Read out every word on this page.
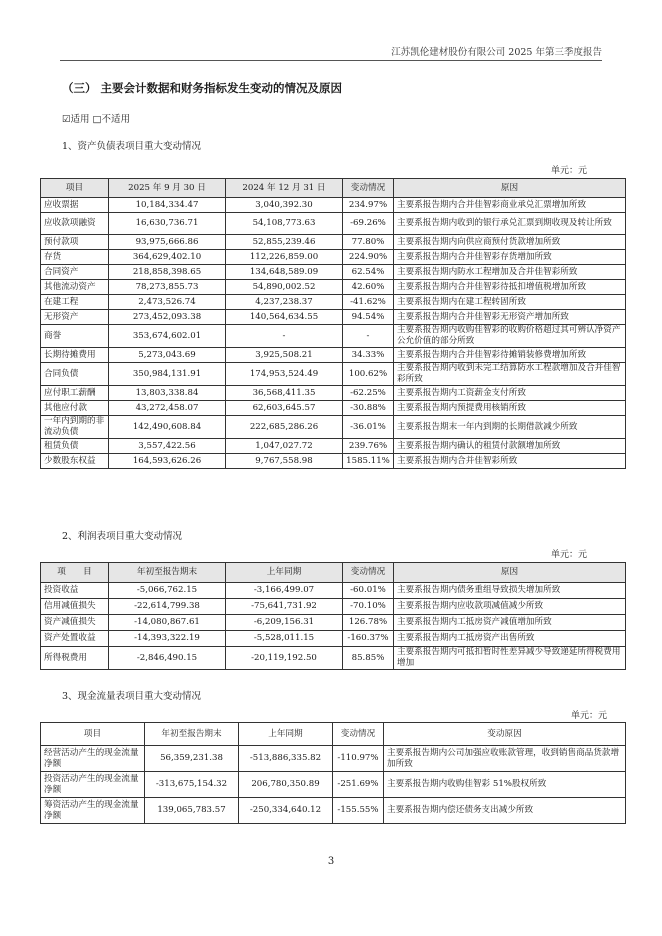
江苏凯伦建材股份有限公司 2025 年第三季度报告
（三） 主要会计数据和财务指标发生变动的情况及原因
☑适用 □不适用
1、资产负债表项目重大变动情况
单元：元
项目	2025 年 9 月 30 日	2024 年 12 月 31 日	变动情况	原因
应收票据	10,184,334.47	3,040,392.30	234.97%	主要系报告期内合并佳智彩商业承兑汇票增加所致
应收款项融资	16,630,736.71	54,108,773.63	-69.26%	主要系报告期内收到的银行承兑汇票到期收现及转让所致
预付款项	93,975,666.86	52,855,239.46	77.80%	主要系报告期内向供应商预付货款增加所致
存货	364,629,402.10	112,226,859.00	224.90%	主要系报告期内合并佳智彩存货增加所致
合同资产	218,858,398.65	134,648,589.09	62.54%	主要系报告期内防水工程增加及合并佳智彩所致
其他流动资产	78,273,855.73	54,890,002.52	42.60%	主要系报告期内合并佳智彩待抵扣增值税增加所致
在建工程	2,473,526.74	4,237,238.37	-41.62%	主要系报告期内在建工程转固所致
无形资产	273,452,093.38	140,564,634.55	94.54%	主要系报告期内合并佳智彩无形资产增加所致
商誉	353,674,602.01	-	-	主要系报告期内收购佳智彩的收购价格超过其可辨认净资产公允价值的部分所致
长期待摊费用	5,273,043.69	3,925,508.21	34.33%	主要系报告期内合并佳智彩待摊销装修费增加所致
合同负债	350,984,131.91	174,953,524.49	100.62%	主要系报告期内收到未完工结算防水工程款增加及合并佳智彩所致
应付职工薪酬	13,803,338.84	36,568,411.35	-62.25%	主要系报告期内工资薪金支付所致
其他应付款	43,272,458.07	62,603,645.57	-30.88%	主要系报告期内预提费用核销所致
一年内到期的非流动负债	142,490,608.84	222,685,286.26	-36.01%	主要系报告期末一年内到期的长期借款减少所致
租赁负债	3,557,422.56	1,047,027.72	239.76%	主要系报告期内确认的租赁付款额增加所致
少数股东权益	164,593,626.26	9,767,558.98	1585.11%	主要系报告期内合并佳智彩所致
2、利润表项目重大变动情况
单元：元
项　　目	年初至报告期末	上年同期	变动情况	原因
投资收益	-5,066,762.15	-3,166,499.07	-60.01%	主要系报告期内债务重组导致损失增加所致
信用减值损失	-22,614,799.38	-75,641,731.92	-70.10%	主要系报告期内应收款项减值减少所致
资产减值损失	-14,080,867.61	-6,209,156.31	126.78%	主要系报告期内工抵房资产减值增加所致
资产处置收益	-14,393,322.19	-5,528,011.15	-160.37%	主要系报告期内工抵房资产出售所致
所得税费用	-2,846,490.15	-20,119,192.50	85.85%	主要系报告期内可抵扣暂时性差异减少导致递延所得税费用增加
3、现金流量表项目重大变动情况
单元：元
项目	年初至报告期末	上年同期	变动情况	变动原因
经营活动产生的现金流量净额	56,359,231.38	-513,886,335.82	-110.97%	主要系报告期内公司加强应收账款管理，收到销售商品货款增加所致
投资活动产生的现金流量净额	-313,675,154.32	206,780,350.89	-251.69%	主要系报告期内收购佳智彩 51%股权所致
筹资活动产生的现金流量净额	139,065,783.57	-250,334,640.12	-155.55%	主要系报告期内偿还债务支出减少所致
3
